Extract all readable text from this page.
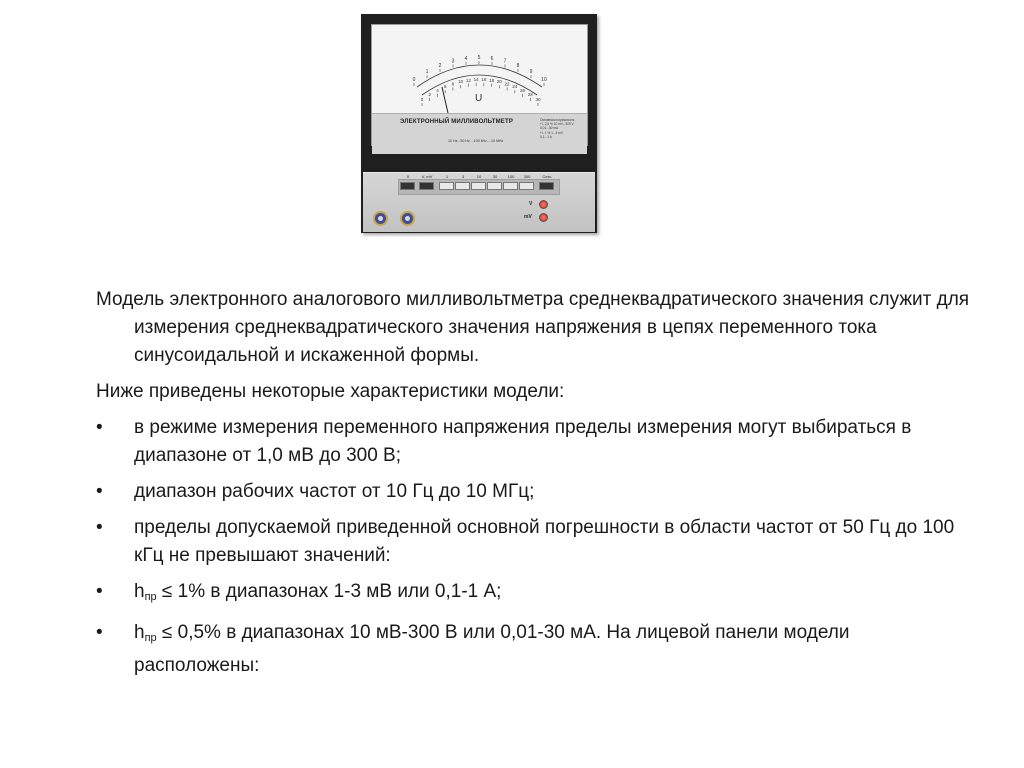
0
1
2
3 4 5 6 7
8
9
10
0
2
4
6
8 10 12 14 16 18 20 22
24
26
28
30
U
ЭЛЕКТРОННЫЙ МИЛЛИВОЛЬТМЕТР
10 Hz...50 Hz....100 kHz....10 MHz
Основная погрешность
+/- 2,5 % 10 mV...300 V
0,01...30 mA
+/- 1 % 1...3 mV
0,1...1 A
X	V, mV	1	3	10	30	100	300	Сеть
V
mV

Модель электронного аналогового милливольтметра среднеквадратического значения служит для измерения среднеквадратического значения напряжения в цепях переменного тока синусоидальной и искаженной формы.

Ниже приведены некоторые характеристики модели:

• в режиме измерения переменного напряжения пределы измерения могут выбираться в диапазоне от 1,0 мВ до 300 В;
• диапазон рабочих частот от 10 Гц до 10 МГц;
• пределы допускаемой приведенной основной погрешности в области частот от 50 Гц до 100 кГц не превышают значений:
• $h_{пр} \le 1\%$ в диапазонах 1-3 мВ или 0,1-1 А;
• $h_{пр} \le 0,5\%$ в диапазонах 10 мВ-300 В или 0,01-30 мА. На лицевой панели модели расположены:
